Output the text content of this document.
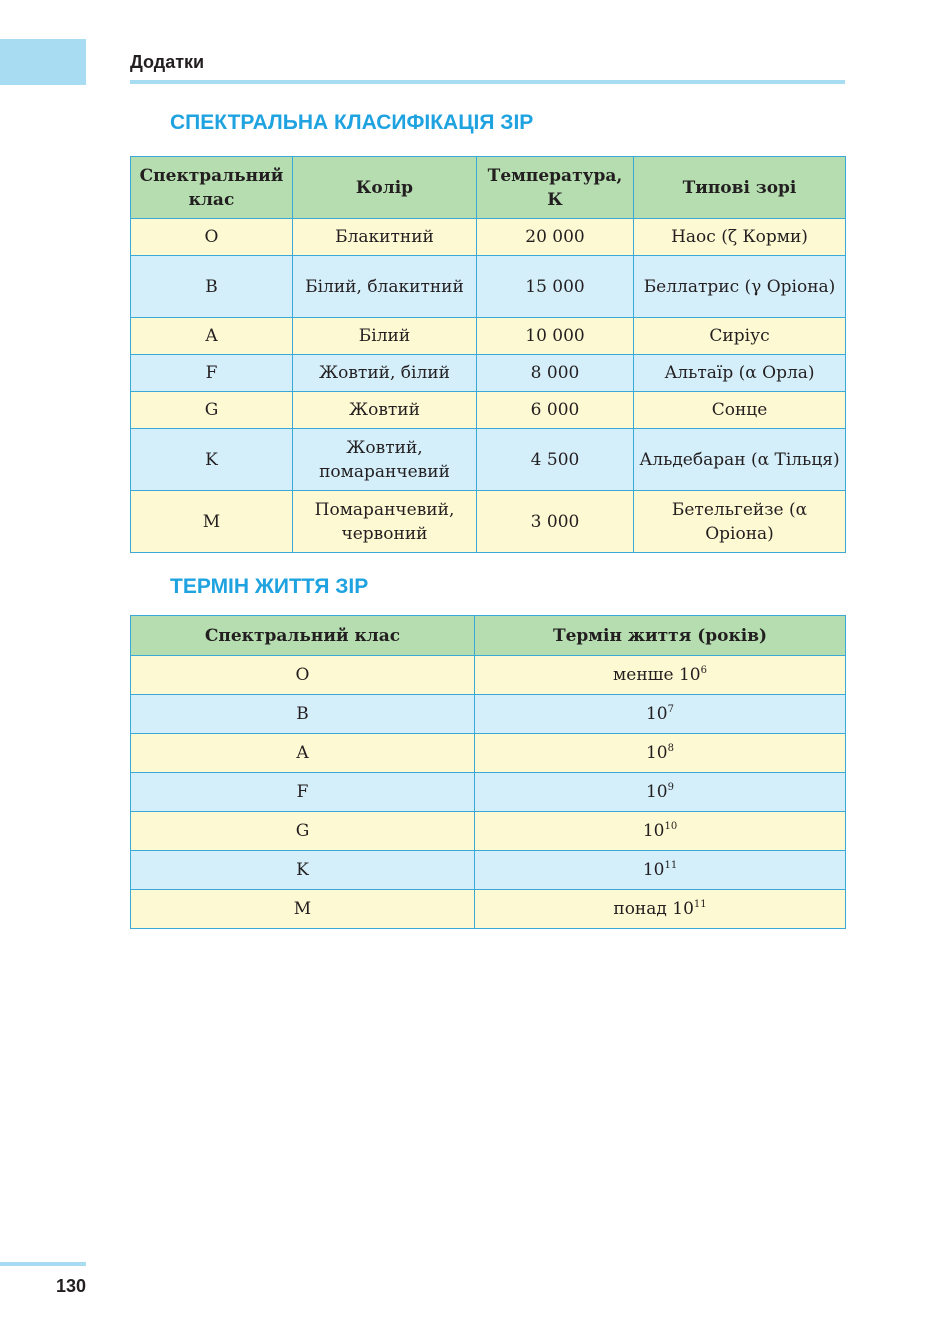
Додатки
СПЕКТРАЛЬНА КЛАСИФІКАЦІЯ ЗІР
Спектральний клас	Колір	Температура, К	Типові зорі
O	Блакитний	20 000	Наос (ζ Корми)
B	Білий, блакитний	15 000	Беллатрис (γ Оріона)
A	Білий	10 000	Сиріус
F	Жовтий, білий	8 000	Альтаїр (α Орла)
G	Жовтий	6 000	Сонце
K	Жовтий, помаранчевий	4 500	Альдебаран (α Тільця)
M	Помаранчевий, червоний	3 000	Бетельгейзе (α Оріона)
ТЕРМІН ЖИТТЯ ЗІР
Спектральний клас	Термін життя (років)
O	менше $10^6$
B	$10^7$
A	$10^8$
F	$10^9$
G	$10^{10}$
K	$10^{11}$
M	понад $10^{11}$
130
